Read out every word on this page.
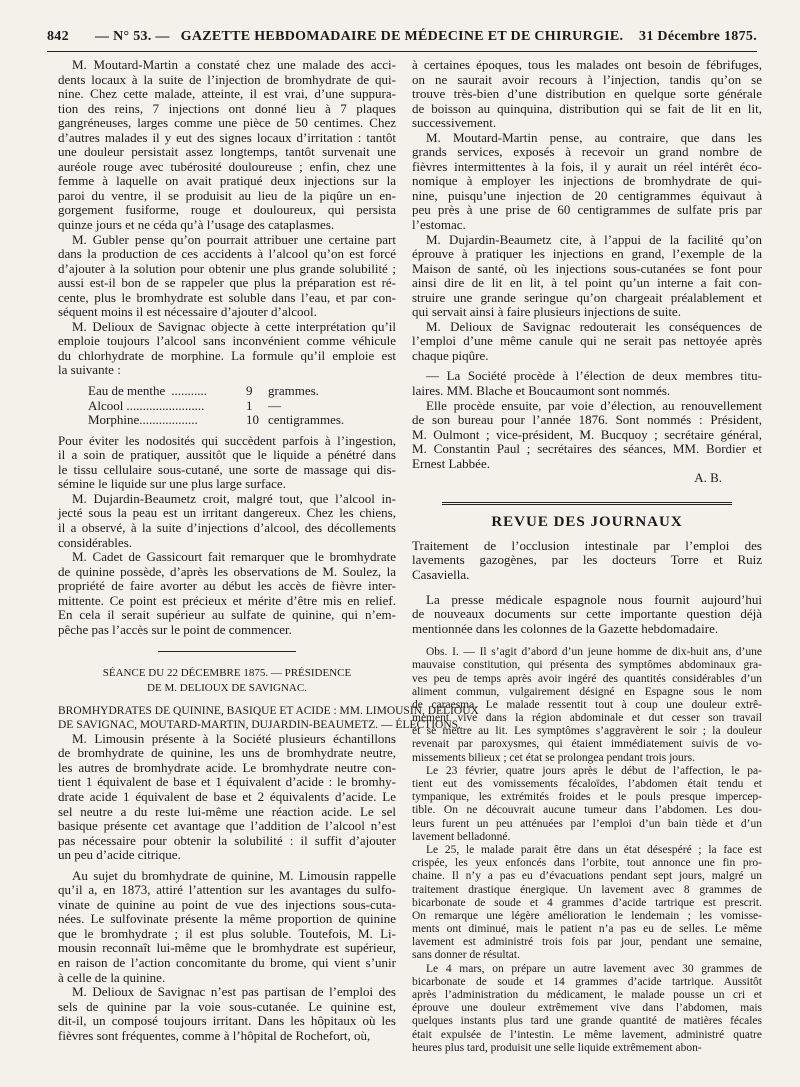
842 — N° 53. — GAZETTE HEBDOMADAIRE DE MÉDECINE ET DE CHIRURGIE.	31 Décembre 1875.
M. Moutard-Martin a constaté chez une malade des acci-
dents locaux à la suite de l’injection de bromhydrate de qui-
nine. Chez cette malade, atteinte, il est vrai, d’une suppura-
tion des reins, 7 injections ont donné lieu à 7 plaques
gangréneuses, larges comme une pièce de 50 centimes. Chez
d’autres malades il y eut des signes locaux d’irritation : tantôt
une douleur persistait assez longtemps, tantôt survenait une
auréole rouge avec tubérosité douloureuse ; enfin, chez une
femme à laquelle on avait pratiqué deux injections sur la
paroi du ventre, il se produisit au lieu de la piqûre un en-
gorgement fusiforme, rouge et douloureux, qui persista
quinze jours et ne céda qu’à l’usage des cataplasmes.
M. Gubler pense qu’on pourrait attribuer une certaine part
dans la production de ces accidents à l’alcool qu’on est forcé
d’ajouter à la solution pour obtenir une plus grande solubilité ;
aussi est-il bon de se rappeler que plus la préparation est ré-
cente, plus le bromhydrate est soluble dans l’eau, et par con-
séquent moins il est nécessaire d’ajouter d’alcool.
M. Delioux de Savignac objecte à cette interprétation qu’il
emploie toujours l’alcool sans inconvénient comme véhicule
du chlorhydrate de morphine. La formule qu’il emploie est
la suivante :
Eau de menthe ...........	9 grammes.
Alcool ........................	1 —
Morphine ..................	10 centigrammes.
Pour éviter les nodosités qui succèdent parfois à l’ingestion,
il a soin de pratiquer, aussitôt que le liquide a pénétré dans
le tissu cellulaire sous-cutané, une sorte de massage qui dis-
sémine le liquide sur une plus large surface.
M. Dujardin-Beaumetz croit, malgré tout, que l’alcool in-
jecté sous la peau est un irritant dangereux. Chez les chiens,
il a observé, à la suite d’injections d’alcool, des décollements
considérables.
M. Cadet de Gassicourt fait remarquer que le bromhydrate
de quinine possède, d’après les observations de M. Soulez, la
propriété de faire avorter au début les accès de fièvre inter-
mittente. Ce point est précieux et mérite d’être mis en relief.
En cela il serait supérieur au sulfate de quinine, qui n’em-
pêche pas l’accès sur le point de commencer.
SÉANCE DU 22 DÉCEMBRE 1875. — PRÉSIDENCE
DE M. DELIOUX DE SAVIGNAC.
BROMHYDRATES DE QUININE, BASIQUE ET ACIDE : MM. LIMOUSIN, DELIOUX
DE SAVIGNAC, MOUTARD-MARTIN, DUJARDIN-BEAUMETZ. — ÉLECTIONS.
M. Limousin présente à la Société plusieurs échantillons
de bromhydrate de quinine, les uns de bromhydrate neutre,
les autres de bromhydrate acide. Le bromhydrate neutre con-
tient 1 équivalent de base et 1 équivalent d’acide : le bromhy-
drate acide 1 équivalent de base et 2 équivalents d’acide. Le
sel neutre a du reste lui-même une réaction acide. Le sel
basique présente cet avantage que l’addition de l’alcool n’est
pas nécessaire pour obtenir la solubilité : il suffit d’ajouter
un peu d’acide citrique.
Au sujet du bromhydrate de quinine, M. Limousin rappelle
qu’il a, en 1873, attiré l’attention sur les avantages du sulfo-
vinate de quinine au point de vue des injections sous-cuta-
nées. Le sulfovinate présente la même proportion de quinine
que le bromhydrate ; il est plus soluble. Toutefois, M. Li-
mousin reconnaît lui-même que le bromhydrate est supérieur,
en raison de l’action concomitante du brome, qui vient s’unir
à celle de la quinine.
M. Delioux de Savignac n’est pas partisan de l’emploi des
sels de quinine par la voie sous-cutanée. Le quinine est,
dit-il, un composé toujours irritant. Dans les hôpitaux où les
fièvres sont fréquentes, comme à l’hôpital de Rochefort, où,
à certaines époques, tous les malades ont besoin de fébrifuges,
on ne saurait avoir recours à l’injection, tandis qu’on se
trouve très-bien d’une distribution en quelque sorte générale
de boisson au quinquina, distribution qui se fait de lit en lit,
successivement.
M. Moutard-Martin pense, au contraire, que dans les
grands services, exposés à recevoir un grand nombre de
fièvres intermittentes à la fois, il y aurait un réel intérêt éco-
nomique à employer les injections de bromhydrate de qui-
nine, puisqu’une injection de 20 centigrammes équivaut à
peu près à une prise de 60 centigrammes de sulfate pris par
l’estomac.
M. Dujardin-Beaumetz cite, à l’appui de la facilité qu’on
éprouve à pratiquer les injections en grand, l’exemple de la
Maison de santé, où les injections sous-cutanées se font pour
ainsi dire de lit en lit, à tel point qu’un interne a fait con-
struire une grande seringue qu’on chargeait préalablement et
qui servait ainsi à faire plusieurs injections de suite.
M. Delioux de Savignac redouterait les conséquences de
l’emploi d’une même canule qui ne serait pas nettoyée après
chaque piqûre.
— La Société procède à l’élection de deux membres titu-
laires. MM. Blache et Boucaumont sont nommés.
Elle procède ensuite, par voie d’élection, au renouvellement
de son bureau pour l’année 1876. Sont nommés : Président,
M. Oulmont ; vice-président, M. Bucquoy ; secrétaire général,
M. Constantin Paul ; secrétaires des séances, MM. Bordier et
Ernest Labbée.
A. B.
REVUE DES JOURNAUX
Traitement de l’occlusion intestinale par l’emploi des
lavements gazogènes, par les docteurs Torre et Ruiz
Casaviella.
La presse médicale espagnole nous fournit aujourd’hui
de nouveaux documents sur cette importante question déjà
mentionnée dans les colonnes de la Gazette hebdomadaire.
Obs. I. — Il s’agit d’abord d’un jeune homme de dix-huit ans, d’une
mauvaise constitution, qui présenta des symptômes abdominaux gra-
ves peu de temps après avoir ingéré des quantités considérables d’un
aliment commun, vulgairement désigné en Espagne sous le nom
de caraesma. Le malade ressentit tout à coup une douleur extrê-
mement vive dans la région abdominale et dut cesser son travail
et se mettre au lit. Les symptômes s’aggravèrent le soir ; la douleur
revenait par paroxysmes, qui étaient immédiatement suivis de vo-
missements bilieux ; cet état se prolongea pendant trois jours.
Le 23 février, quatre jours après le début de l’affection, le pa-
tient eut des vomissements fécaloïdes, l’abdomen était tendu et
tympanique, les extrémités froides et le pouls presque impercep-
tible. On ne découvrait aucune tumeur dans l’abdomen. Les dou-
leurs furent un peu atténuées par l’emploi d’un bain tiède et d’un
lavement belladonné.
Le 25, le malade parait être dans un état désespéré ; la face est
crispée, les yeux enfoncés dans l’orbite, tout annonce une fin pro-
chaine. Il n’y a pas eu d’évacuations pendant sept jours, malgré un
traitement drastique énergique. Un lavement avec 8 grammes de
bicarbonate de soude et 4 grammes d’acide tartrique est prescrit.
On remarque une légère amélioration le lendemain ; les vomisse-
ments ont diminué, mais le patient n’a pas eu de selles. Le même
lavement est administré trois fois par jour, pendant une semaine,
sans donner de résultat.
Le 4 mars, on prépare un autre lavement avec 30 grammes de
bicarbonate de soude et 14 grammes d’acide tartrique. Aussitôt
après l’administration du médicament, le malade pousse un cri et
éprouve une douleur extrêmement vive dans l’abdomen, mais
quelques instants plus tard une grande quantité de matières fécales
était expulsée de l’intestin. Le même lavement, administré quatre
heures plus tard, produisit une selle liquide extrêmement abon-
